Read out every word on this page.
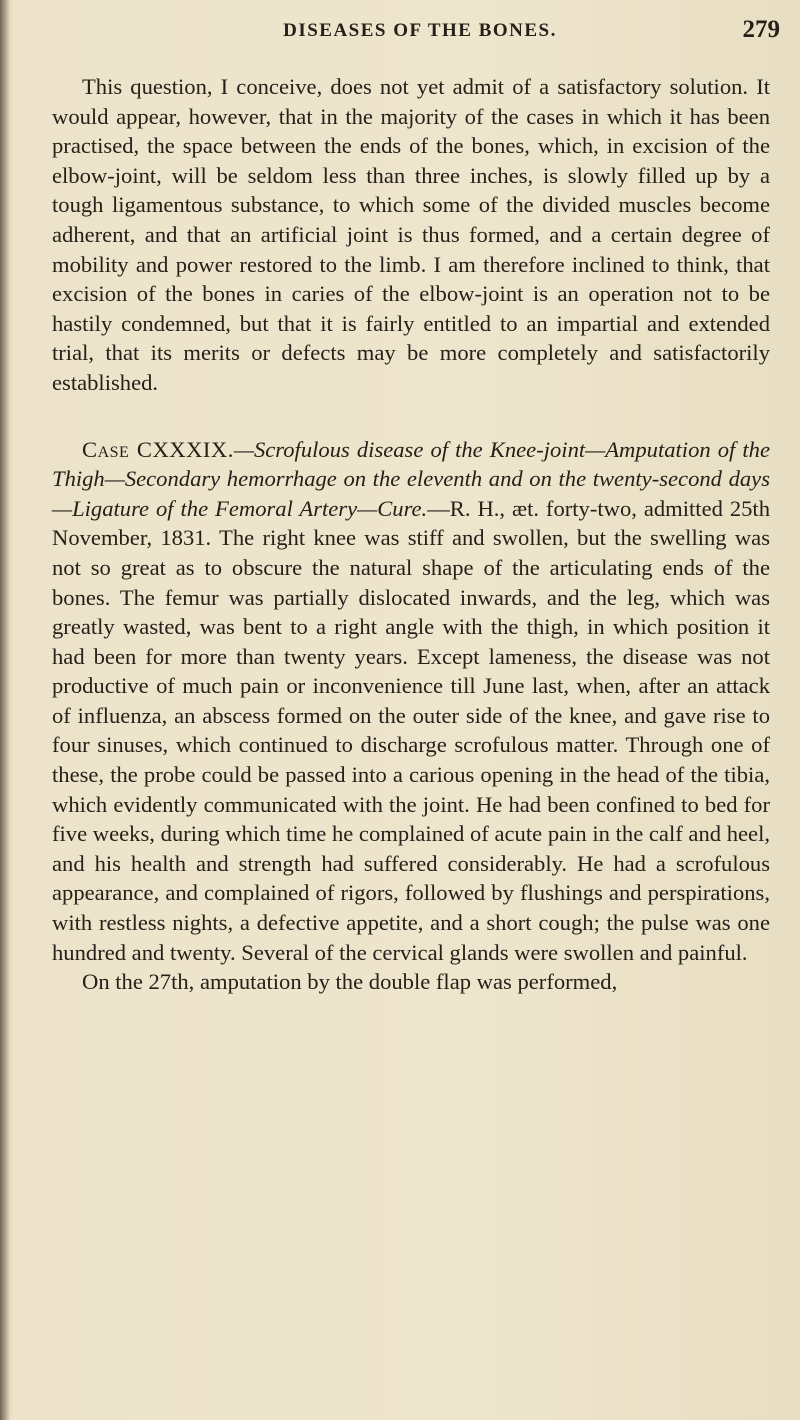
DISEASES OF THE BONES.	279

This question, I conceive, does not yet admit of a satisfactory solution. It would appear, however, that in the majority of the cases in which it has been practised, the space between the ends of the bones, which, in excision of the elbow-joint, will be seldom less than three inches, is slowly filled up by a tough ligamentous substance, to which some of the divided muscles become adherent, and that an artificial joint is thus formed, and a certain degree of mobility and power restored to the limb. I am therefore inclined to think, that excision of the bones in caries of the elbow-joint is an operation not to be hastily condemned, but that it is fairly entitled to an impartial and extended trial, that its merits or defects may be more completely and satisfactorily established.

Case CXXXIX.—Scrofulous disease of the Knee-joint—Amputation of the Thigh—Secondary hemorrhage on the eleventh and on the twenty-second days—Ligature of the Femoral Artery—Cure.—R. H., æt. forty-two, admitted 25th November, 1831. The right knee was stiff and swollen, but the swelling was not so great as to obscure the natural shape of the articulating ends of the bones. The femur was partially dislocated inwards, and the leg, which was greatly wasted, was bent to a right angle with the thigh, in which position it had been for more than twenty years. Except lameness, the disease was not productive of much pain or inconvenience till June last, when, after an attack of influenza, an abscess formed on the outer side of the knee, and gave rise to four sinuses, which continued to discharge scrofulous matter. Through one of these, the probe could be passed into a carious opening in the head of the tibia, which evidently communicated with the joint. He had been confined to bed for five weeks, during which time he complained of acute pain in the calf and heel, and his health and strength had suffered considerably. He had a scrofulous appearance, and complained of rigors, followed by flushings and perspirations, with restless nights, a defective appetite, and a short cough; the pulse was one hundred and twenty. Several of the cervical glands were swollen and painful.

On the 27th, amputation by the double flap was performed,
